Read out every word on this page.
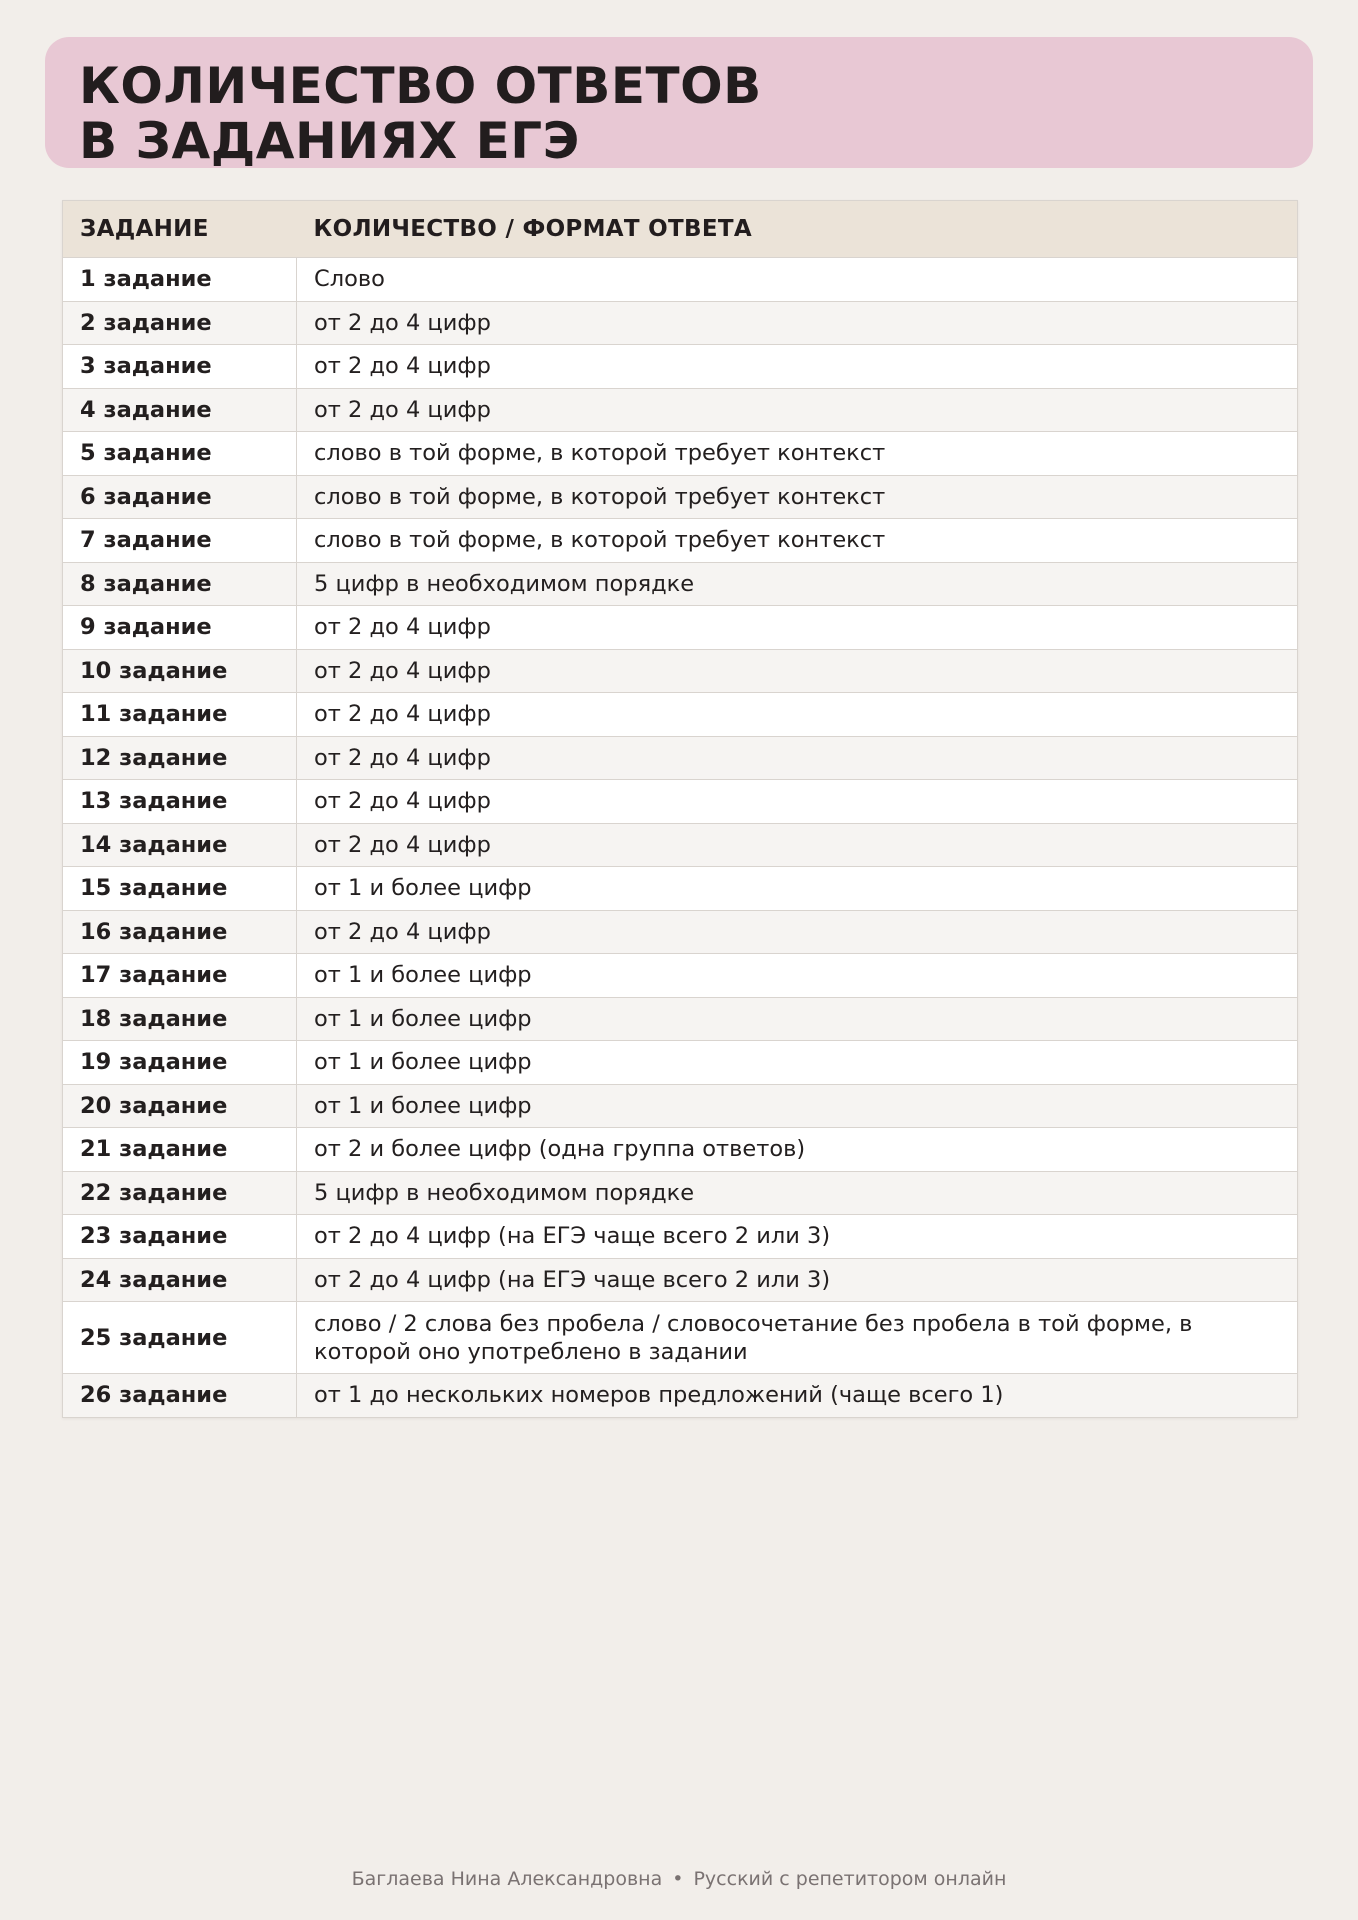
КОЛИЧЕСТВО ОТВЕТОВ
В ЗАДАНИЯХ ЕГЭ
ЗАДАНИЕ	КОЛИЧЕСТВО / ФОРМАТ ОТВЕТА
1 задание	Слово
2 задание	от 2 до 4 цифр
3 задание	от 2 до 4 цифр
4 задание	от 2 до 4 цифр
5 задание	слово в той форме, в которой требует контекст
6 задание	слово в той форме, в которой требует контекст
7 задание	слово в той форме, в которой требует контекст
8 задание	5 цифр в необходимом порядке
9 задание	от 2 до 4 цифр
10 задание	от 2 до 4 цифр
11 задание	от 2 до 4 цифр
12 задание	от 2 до 4 цифр
13 задание	от 2 до 4 цифр
14 задание	от 2 до 4 цифр
15 задание	от 1 и более цифр
16 задание	от 2 до 4 цифр
17 задание	от 1 и более цифр
18 задание	от 1 и более цифр
19 задание	от 1 и более цифр
20 задание	от 1 и более цифр
21 задание	от 2 и более цифр (одна группа ответов)
22 задание	5 цифр в необходимом порядке
23 задание	от 2 до 4 цифр (на ЕГЭ чаще всего 2 или 3)
24 задание	от 2 до 4 цифр (на ЕГЭ чаще всего 2 или 3)
25 задание	слово / 2 слова без пробела / словосочетание без пробела в той форме, в которой оно употреблено в задании
26 задание	от 1 до нескольких номеров предложений (чаще всего 1)
Баглаева Нина Александровна • Русский с репетитором онлайн
